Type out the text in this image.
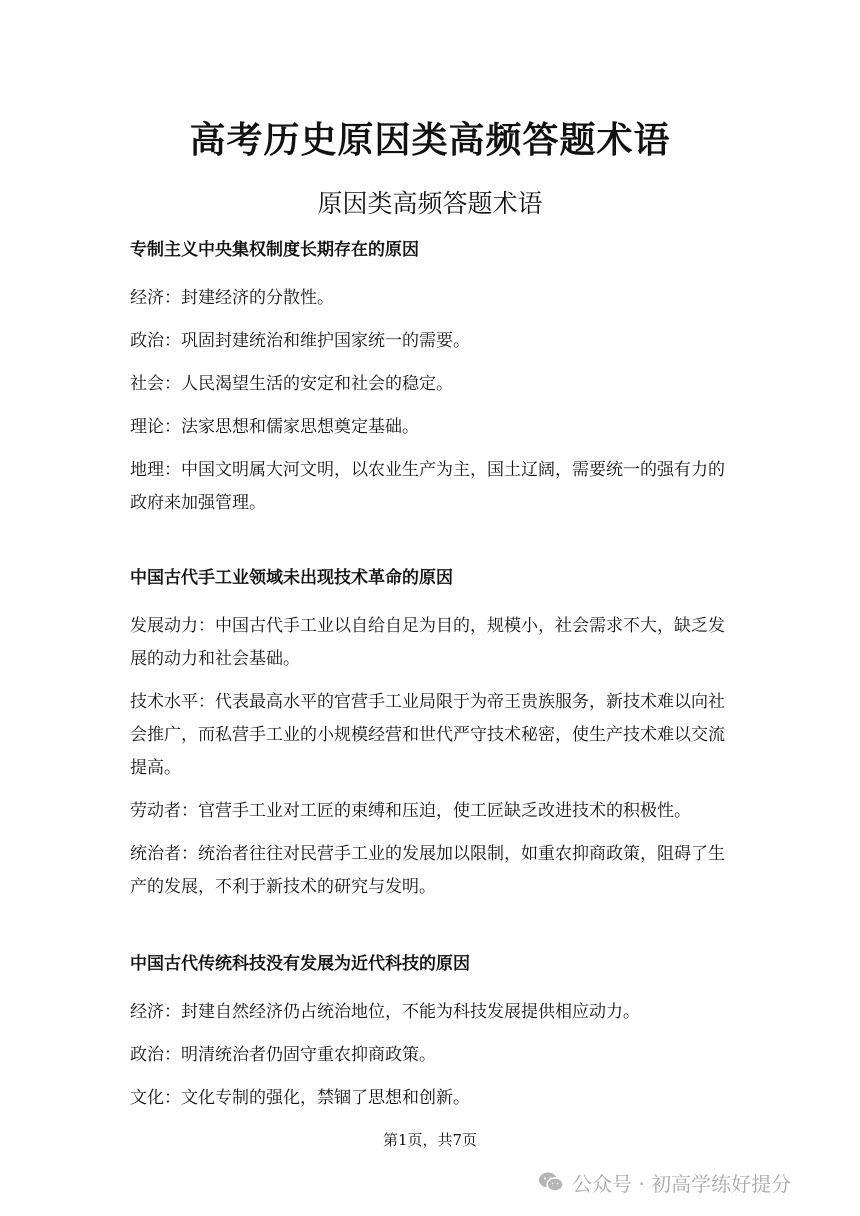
高考历史原因类高频答题术语
原因类高频答题术语
专制主义中央集权制度长期存在的原因
经济：封建经济的分散性。
政治：巩固封建统治和维护国家统一的需要。
社会：人民渴望生活的安定和社会的稳定。
理论：法家思想和儒家思想奠定基础。
地理：中国文明属大河文明，以农业生产为主，国土辽阔，需要统一的强有力的政府来加强管理。
中国古代手工业领域未出现技术革命的原因
发展动力：中国古代手工业以自给自足为目的，规模小，社会需求不大，缺乏发展的动力和社会基础。
技术水平：代表最高水平的官营手工业局限于为帝王贵族服务，新技术难以向社会推广，而私营手工业的小规模经营和世代严守技术秘密，使生产技术难以交流提高。
劳动者：官营手工业对工匠的束缚和压迫，使工匠缺乏改进技术的积极性。
统治者：统治者往往对民营手工业的发展加以限制，如重农抑商政策，阻碍了生产的发展，不利于新技术的研究与发明。
中国古代传统科技没有发展为近代科技的原因
经济：封建自然经济仍占统治地位，不能为科技发展提供相应动力。
政治：明清统治者仍固守重农抑商政策。
文化：文化专制的强化，禁锢了思想和创新。
第1页，共7页
公众号 · 初高学练好提分
